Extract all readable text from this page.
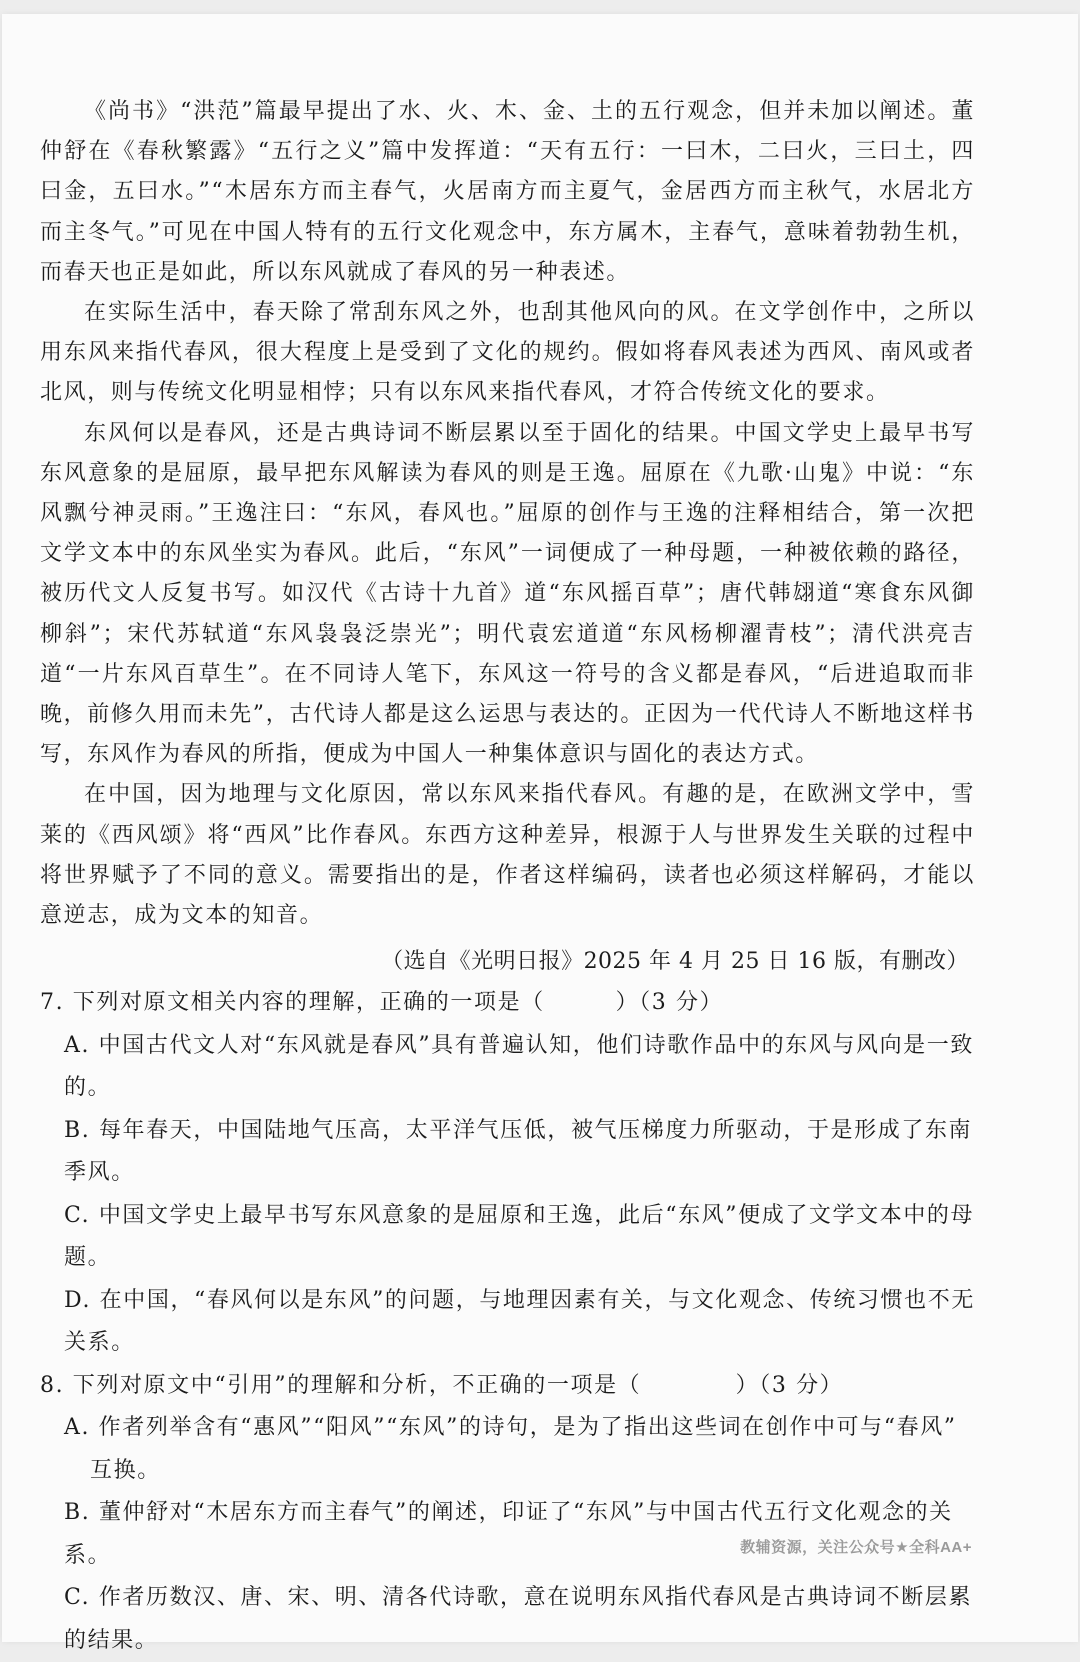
《尚书》“洪范”篇最早提出了水、火、木、金、土的五行观念，但并未加以阐述。董仲舒在《春秋繁露》“五行之义”篇中发挥道：“天有五行：一曰木，二曰火，三曰土，四曰金，五曰水。”“木居东方而主春气，火居南方而主夏气，金居西方而主秋气，水居北方而主冬气。”可见在中国人特有的五行文化观念中，东方属木，主春气，意味着勃勃生机，而春天也正是如此，所以东风就成了春风的另一种表述。

在实际生活中，春天除了常刮东风之外，也刮其他风向的风。在文学创作中，之所以用东风来指代春风，很大程度上是受到了文化的规约。假如将春风表述为西风、南风或者北风，则与传统文化明显相悖；只有以东风来指代春风，才符合传统文化的要求。

东风何以是春风，还是古典诗词不断层累以至于固化的结果。中国文学史上最早书写东风意象的是屈原，最早把东风解读为春风的则是王逸。屈原在《九歌·山鬼》中说：“东风飘兮神灵雨。”王逸注曰：“东风，春风也。”屈原的创作与王逸的注释相结合，第一次把文学文本中的东风坐实为春风。此后，“东风”一词便成了一种母题，一种被依赖的路径，被历代文人反复书写。如汉代《古诗十九首》道“东风摇百草”；唐代韩翃道“寒食东风御柳斜”；宋代苏轼道“东风袅袅泛崇光”；明代袁宏道道“东风杨柳濯青枝”；清代洪亮吉道“一片东风百草生”。在不同诗人笔下，东风这一符号的含义都是春风，“后进追取而非晚，前修久用而未先”，古代诗人都是这么运思与表达的。正因为一代代诗人不断地这样书写，东风作为春风的所指，便成为中国人一种集体意识与固化的表达方式。

在中国，因为地理与文化原因，常以东风来指代春风。有趣的是，在欧洲文学中，雪莱的《西风颂》将“西风”比作春风。东西方这种差异，根源于人与世界发生关联的过程中将世界赋予了不同的意义。需要指出的是，作者这样编码，读者也必须这样解码，才能以意逆志，成为文本的知音。

（选自《光明日报》2025 年 4 月 25 日 16 版，有删改）

7. 下列对原文相关内容的理解，正确的一项是（　　　）（3 分）

A. 中国古代文人对“东风就是春风”具有普遍认知，他们诗歌作品中的东风与风向是一致的。

B. 每年春天，中国陆地气压高，太平洋气压低，被气压梯度力所驱动，于是形成了东南季风。

C. 中国文学史上最早书写东风意象的是屈原和王逸，此后“东风”便成了文学文本中的母题。

D. 在中国，“春风何以是东风”的问题，与地理因素有关，与文化观念、传统习惯也不无关系。

8. 下列对原文中“引用”的理解和分析，不正确的一项是（　　　　）（3 分）

A. 作者列举含有“惠风”“阳风”“东风”的诗句，是为了指出这些词在创作中可与“春风”
互换。

B. 董仲舒对“木居东方而主春气”的阐述，印证了“东风”与中国古代五行文化观念的关系。

C. 作者历数汉、唐、宋、明、清各代诗歌，意在说明东风指代春风是古典诗词不断层累的结果。

教辅资源，关注公众号★全科AA+
